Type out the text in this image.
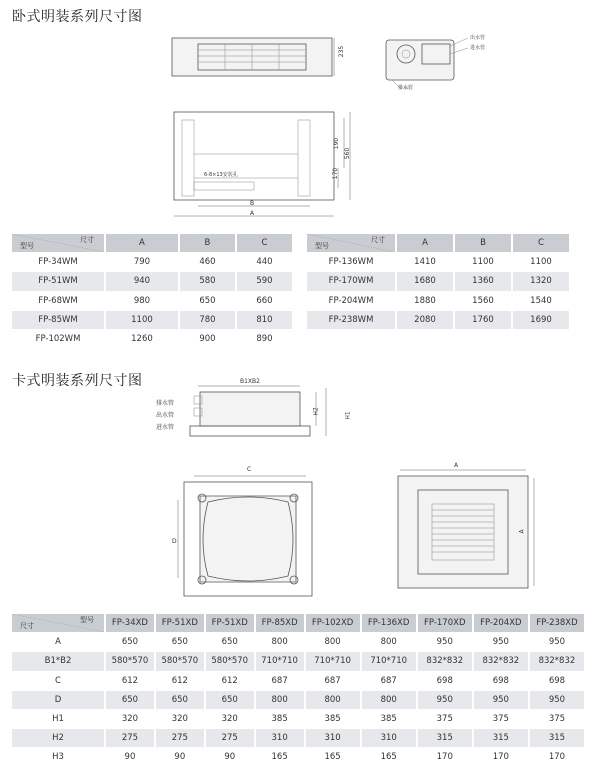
卧式明装系列尺寸图
235
出水管
进水管
排水管
190
560
170
B
A
6-8×13安装孔
尺寸
型号	A	B	C
FP-34WM	790	460	440
FP-51WM	940	580	590
FP-68WM	980	650	660
FP-85WM	1100	780	810
FP-102WM	1260	900	890
尺寸
型号	A	B	C
FP-136WM	1410	1100	1100
FP-170WM	1680	1360	1320
FP-204WM	1880	1560	1540
FP-238WM	2080	1760	1690

卡式明装系列尺寸图	B1XB2
排水管
出水管
进水管
H2	H1
C
D
A
A
型号
尺寸	FP-34XD	FP-51XD	FP-51XD	FP-85XD	FP-102XD	FP-136XD	FP-170XD	FP-204XD	FP-238XD
A	650	650	650	800	800	800	950	950	950
B1*B2	580*570	580*570	580*570	710*710	710*710	710*710	832*832	832*832	832*832
C	612	612	612	687	687	687	698	698	698
D	650	650	650	800	800	800	950	950	950
H1	320	320	320	385	385	385	375	375	375
H2	275	275	275	310	310	310	315	315	315
H3	90	90	90	165	165	165	170	170	170
